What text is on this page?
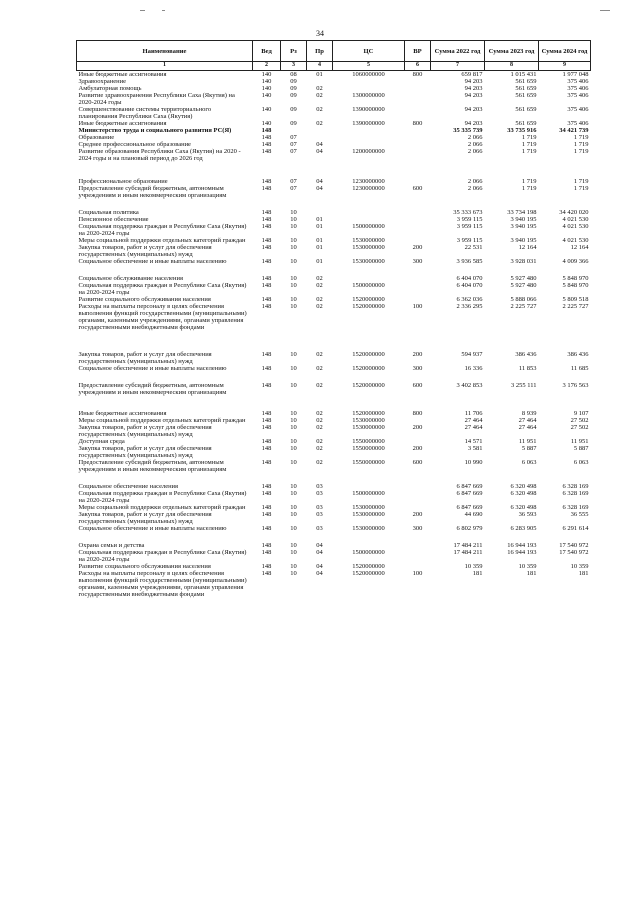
34
Наименование	Вед	Рз	Пр	ЦС	ВР	Сумма 2022 год	Сумма 2023 год	Сумма 2024 год
1	2	3	4	5	6	7	8	9
Иные бюджетные ассигнования	140	08	01	1060000000	800	659 817	1 015 431	1 977 048
Здравоохранение	140	09				94 203	561 659	375 406
Амбулаторная помощь	140	09	02			94 203	561 659	375 406
Развитие здравоохранения Республики Саха (Якутия) на 2020-2024 годы	140	09	02	1300000000		94 203	561 659	375 406
Совершенствование системы территориального планирования Республики Саха (Якутия)	140	09	02	1390000000		94 203	561 659	375 406
Иные бюджетные ассигнования	140	09	02	1390000000	800	94 203	561 659	375 406
Министерство труда и социального развития РС(Я)	148					35 335 739	33 735 916	34 421 739
Образование	148	07				2 066	1 719	1 719
Среднее профессиональное образование	148	07	04			2 066	1 719	1 719
Развитие образования Республики Саха (Якутия) на 2020 - 2024 годы и на плановый период до 2026 год	148	07	04	1200000000		2 066	1 719	1 719
Профессиональное образование	148	07	04	1230000000		2 066	1 719	1 719
Предоставление субсидий бюджетным, автономным учреждениям и иным некоммерческим организациям	148	07	04	1230000000	600	2 066	1 719	1 719
Социальная политика	148	10				35 333 673	33 734 198	34 420 020
Пенсионное обеспечение	148	10	01			3 959 115	3 940 195	4 021 530
Социальная поддержка граждан в Республике Саха (Якутия) на 2020-2024 годы	148	10	01	1500000000		3 959 115	3 940 195	4 021 530
Меры социальной поддержки отдельных категорий граждан	148	10	01	1530000000		3 959 115	3 940 195	4 021 530
Закупка товаров, работ и услуг для обеспечения государственных (муниципальных) нужд	148	10	01	1530000000	200	22 531	12 164	12 164
Социальное обеспечение и иные выплаты населению	148	10	01	1530000000	300	3 936 585	3 928 031	4 009 366
Социальное обслуживание населения	148	10	02			6 404 070	5 927 480	5 848 970
Социальная поддержка граждан в Республике Саха (Якутия) на 2020-2024 годы	148	10	02	1500000000		6 404 070	5 927 480	5 848 970
Развитие социального обслуживания населения	148	10	02	1520000000		6 362 036	5 888 066	5 809 518
Расходы на выплаты персоналу в целях обеспечения выполнения функций государственными (муниципальными) органами, казенными учреждениями, органами управления государственными внебюджетными фондами	148	10	02	1520000000	100	2 336 295	2 225 727	2 225 727
Закупка товаров, работ и услуг для обеспечения государственных (муниципальных) нужд	148	10	02	1520000000	200	594 937	386 436	386 436
Социальное обеспечение и иные выплаты населению	148	10	02	1520000000	300	16 336	11 853	11 685
Предоставление субсидий бюджетным, автономным учреждениям и иным некоммерческим организациям	148	10	02	1520000000	600	3 402 853	3 255 111	3 176 563
Иные бюджетные ассигнования	148	10	02	1520000000	800	11 706	8 939	9 107
Меры социальной поддержки отдельных категорий граждан	148	10	02	1530000000		27 464	27 464	27 502
Закупка товаров, работ и услуг для обеспечения государственных (муниципальных) нужд	148	10	02	1530000000	200	27 464	27 464	27 502
Доступная среда	148	10	02	1550000000		14 571	11 951	11 951
Закупка товаров, работ и услуг для обеспечения государственных (муниципальных) нужд	148	10	02	1550000000	200	3 581	5 887	5 887
Предоставление субсидий бюджетным, автономным учреждениям и иным некоммерческим организациям	148	10	02	1550000000	600	10 990	6 063	6 063
Социальное обеспечение населения	148	10	03			6 847 669	6 320 498	6 328 169
Социальная поддержка граждан в Республике Саха (Якутия) на 2020-2024 годы	148	10	03	1500000000		6 847 669	6 320 498	6 328 169
Меры социальной поддержки отдельных категорий граждан	148	10	03	1530000000		6 847 669	6 320 498	6 328 169
Закупка товаров, работ и услуг для обеспечения государственных (муниципальных) нужд	148	10	03	1530000000	200	44 690	36 593	36 555
Социальное обеспечение и иные выплаты населению	148	10	03	1530000000	300	6 802 979	6 283 905	6 291 614
Охрана семьи и детства	148	10	04			17 484 211	16 944 193	17 540 972
Социальная поддержка граждан в Республике Саха (Якутия) на 2020-2024 годы	148	10	04	1500000000		17 484 211	16 944 193	17 540 972
Развитие социального обслуживания населения	148	10	04	1520000000		10 359	10 359	10 359
Расходы на выплаты персоналу в целях обеспечения выполнения функций государственными (муниципальными) органами, казенными учреждениями, органами управления государственными внебюджетными фондами	148	10	04	1520000000	100	181	181	181
